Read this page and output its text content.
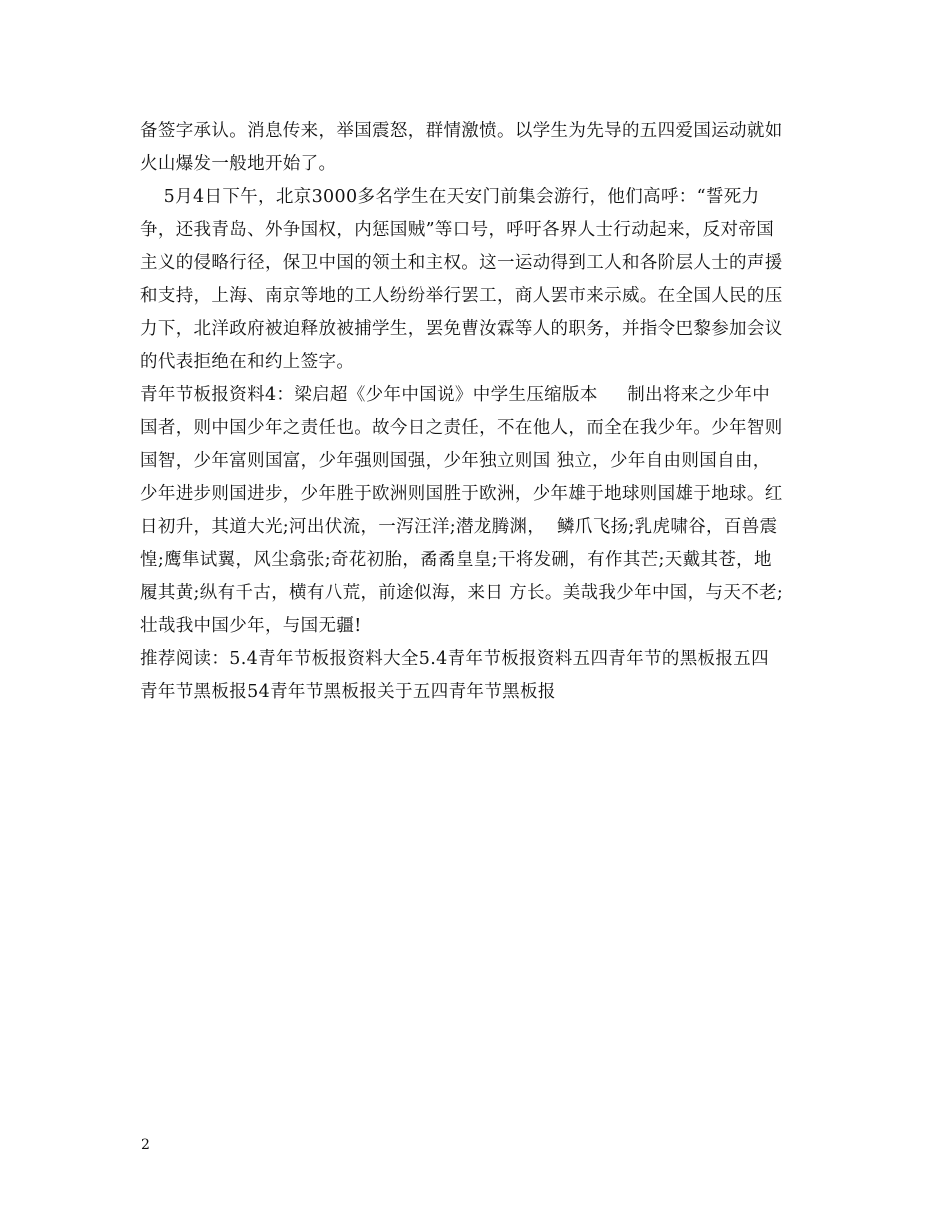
备签字承认。消息传来，举国震怒，群情激愤。以学生为先导的五四爱国运动就如
火山爆发一般地开始了。
5月4日下午，北京3000多名学生在天安门前集会游行，他们高呼：“誓死力
争，还我青岛、外争国权，内惩国贼”等口号，呼吁各界人士行动起来，反对帝国
主义的侵略行径，保卫中国的领土和主权。这一运动得到工人和各阶层人士的声援
和支持，上海、南京等地的工人纷纷举行罢工，商人罢市来示威。在全国人民的压
力下，北洋政府被迫释放被捕学生，罢免曹汝霖等人的职务，并指令巴黎参加会议
的代表拒绝在和约上签字。
青年节板报资料4：梁启超《少年中国说》中学生压缩版本     制出将来之少年中
国者，则中国少年之责任也。故今日之责任，不在他人，而全在我少年。少年智则
国智，少年富则国富，少年强则国强，少年独立则国 独立，少年自由则国自由，
少年进步则国进步，少年胜于欧洲则国胜于欧洲，少年雄于地球则国雄于地球。红
日初升，其道大光;河出伏流，一泻汪洋;潜龙腾渊，  鳞爪飞扬;乳虎啸谷，百兽震
惶;鹰隼试翼，风尘翕张;奇花初胎，矞矞皇皇;干将发硎，有作其芒;天戴其苍，地
履其黄;纵有千古，横有八荒，前途似海，来日 方长。美哉我少年中国，与天不老;
壮哉我中国少年，与国无疆!
推荐阅读：5.4青年节板报资料大全5.4青年节板报资料五四青年节的黑板报五四
青年节黑板报54青年节黑板报关于五四青年节黑板报
2
